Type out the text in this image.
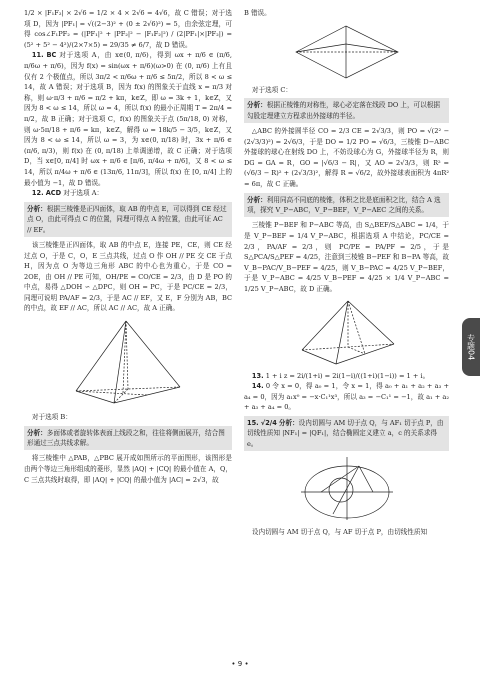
1/2 × |F₁F₂| × 2√6 = 1/2 × 4 × 2√6 = 4√6，故 C 错误；对于选项 D，因为 |PF₁| = √((2−3)² + (0 ± 2√6)²) = 5，由余弦定理，可得 cos∠F₁PF₂ = (|PF₁|² + |PF₂|² − |F₁F₂|²) / (2|PF₁|×|PF₂|) = (5² + 5² − 4²)/(2×7×5) = 29/35 ≠ 6/7，故 D 错误。

11. BC 对于选项 A，由 x∈(0, π/6)，得到 ωx + π/6 ∈ (π/6, π/6ω + π/6)，因为 f(x) = sin(ωx + π/6)(ω>0) 在 (0, π/6) 上有且仅有 2 个极值点，所以 3π/2 < π/6ω + π/6 ≤ 5π/2，所以 8 < ω ≤ 14，故 A 错误；对于选项 B，因为 f(x) 的图象关于直线 x = π/3 对称，则 ω·π/3 + π/6 = π/2 + kπ，k∈Z，即 ω = 3k + 1，k∈Z，又因为 8 < ω ≤ 14，所以 ω = 4，所以 f(x) 的最小正周期 T = 2π/4 = π/2，故 B 正确；对于选项 C，f(x) 的图象关于点 (5π/18, 0) 对称，则 ω·5π/18 + π/6 = kπ，k∈Z，解得 ω = 18k/5 − 3/5，k∈Z，又因为 8 < ω ≤ 14，所以 ω = 3，为 x∈(0, π/18) 时，3x + π/6 ∈ (π/6, π/3)，则 f(x) 在 (0, π/18) 上单调递增，故 C 正确；对于选项 D，当 x∈[0, π/4] 时 ωx + π/6 ∈ [π/6, π/4ω + π/6]，又 8 < ω ≤ 14，所以 π/4ω + π/6 ∈ (13π/6, 11π/3]，所以 f(x) 在 [0, π/4] 上的最小值为 −1，故 D 错误。

12. ACD 对于选项 A：

分析：根据三棱锥是正四面体，取 AB 的中点 E，可以得到 CE 经过点 O，由此可得点 C 的位置，同理可得点 A 的位置，由此可证 AC // EF。

该三棱锥是正四面体，取 AB 的中点 E，连接 PE，CE，则 CE 经过点 O，于是 C，O，E 三点共线，过点 O 作 OH // PE 交 CE 于点 H，因为点 O 为等边三角形 ABC 的中心也为重心，于是 CO = 2OE，由 OH // PE 可知，OH/PE = CO/CE = 2/3，由 D 是 PO 的中点，易得 △DOH ∽ △DPC，则 OH = PC，于是 PC/CE = 2/3，同理可说明 PA/AF = 2/3，于是 AC // EF，又 E，F 分别为 AB，BC 的中点，故 EF // AC，所以 AC // AC，故 A 正确。

对于选项 B：

分析：多面体或者旋转体表面上线段之和，往往将侧面展开，结合图形通过三点共线求解。

将三棱锥中 △PAB，△PBC 展开成如图所示的平面图形，该图形是由两个等边三角形组成的菱形，显然 |AQ| + |CQ| 的最小值在 A，Q，C 三点共线时取得，即 |AQ| + |CQ| 的最小值为 |AC| = 2√3，故

B 错误。

对于选项 C：

分析：根据正棱锥的对称性，球心必定落在线段 DO 上，可以根据勾股定理建立方程求出外接球的半径。

△ABC 的外接圆半径 CO = 2/3 CE = 2√3/3，则 PO = √(2² − (2√3/3)²) = 2√6/3，于是 DO = 1/2 PO = √6/3，三棱锥 D−ABC 外接球的球心在射线 DO 上，不妨设球心为 G，外接球半径为 R，则 DG = GA = R，GO = |√6/3 − R|，又 AO = 2√3/3，则 R² = (√6/3 − R)² + (2√3/3)²，解得 R = √6/2，故外接球表面积为 4πR² = 6π，故 C 正确。

分析：利用同高不同底的棱锥，体积之比是底面积之比，结合 A 选项，探究 V_P−ABC，V_P−BEF，V_P−AEC 之间的关系。

三棱锥 P−BEF 和 P−ABC 等高，由 S△BEF/S△ABC = 1/4，于是 V_P−BEF = 1/4 V_P−ABC，根据选项 A 中结论，PC/CE = 2/3，PA/AF = 2/3，则 PC/PE = PA/PF = 2/5，于是 S△PCA/S△PEF = 4/25，注意到三棱锥 B−PEF 和 B−PA 等高，故 V_B−PAC/V_B−PEF = 4/25，则 V_B−PAC = 4/25 V_P−BEF，于是 V_P−ABC = 4/25 V_B−PEF = 4/25 × 1/4 V_P−ABC = 1/25 V_P−ABC，故 D 正确。

13. 1 + i z = 2i/(1+i) = 2i(1−i)/((1+i)(1−i)) = 1 + i。

14. 0 令 x = 0，得 a₀ = 1，令 x = 1，得 a₀ + a₁ + a₂ + a₃ + a₄ = 0，因为 a₁x⁰ = −x·C₁¹x³，所以 a₃ = −C₁¹ = −1，故 a₁ + a₂ + a₃ + a₄ = 0。

15. √2/4 分析：设内切圆与 AM 切于点 Q，与 AF₁ 切于点 P，由切线性质知 |NF₁| = |QF₁|，结合椭圆定义建立 a，c 的关系求得 e。

设内切圆与 AM 切于点 Q，与 AF 切于点 P，由切线性质知

专题04
• 9 •
